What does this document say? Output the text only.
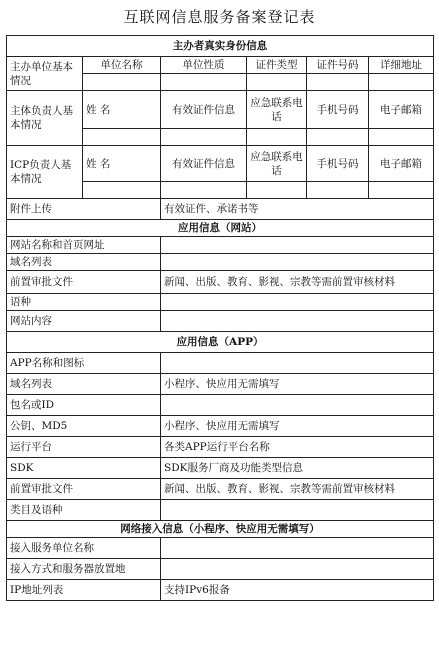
互联网信息服务备案登记表
主办者真实身份信息					
主办单位基本情况	单位名称	单位性质	证件类型	证件号码	详细地址

主体负责人基本情况	姓 名	有效证件信息	应急联系电话	手机号码	电子邮箱

ICP负责人基本情况	姓 名	有效证件信息	应急联系电话	手机号码	电子邮箱

附件上传		有效证件、承诺书等			
应用信息（网站）					
网站名称和首页网址					
域名列表					
前置审批文件		新闻、出版、教育、影视、宗教等需前置审核材料			
语种					
网站内容					
应用信息（APP）					
APP名称和图标					
域名列表		小程序、快应用无需填写			
包名或ID					
公钥、MD5		小程序、快应用无需填写			
运行平台		各类APP运行平台名称			
SDK		SDK服务厂商及功能类型信息			
前置审批文件		新闻、出版、教育、影视、宗教等需前置审核材料			
类目及语种					
网络接入信息（小程序、快应用无需填写）					
接入服务单位名称					
接入方式和服务器放置地					
IP地址列表		支持IPv6报备			
